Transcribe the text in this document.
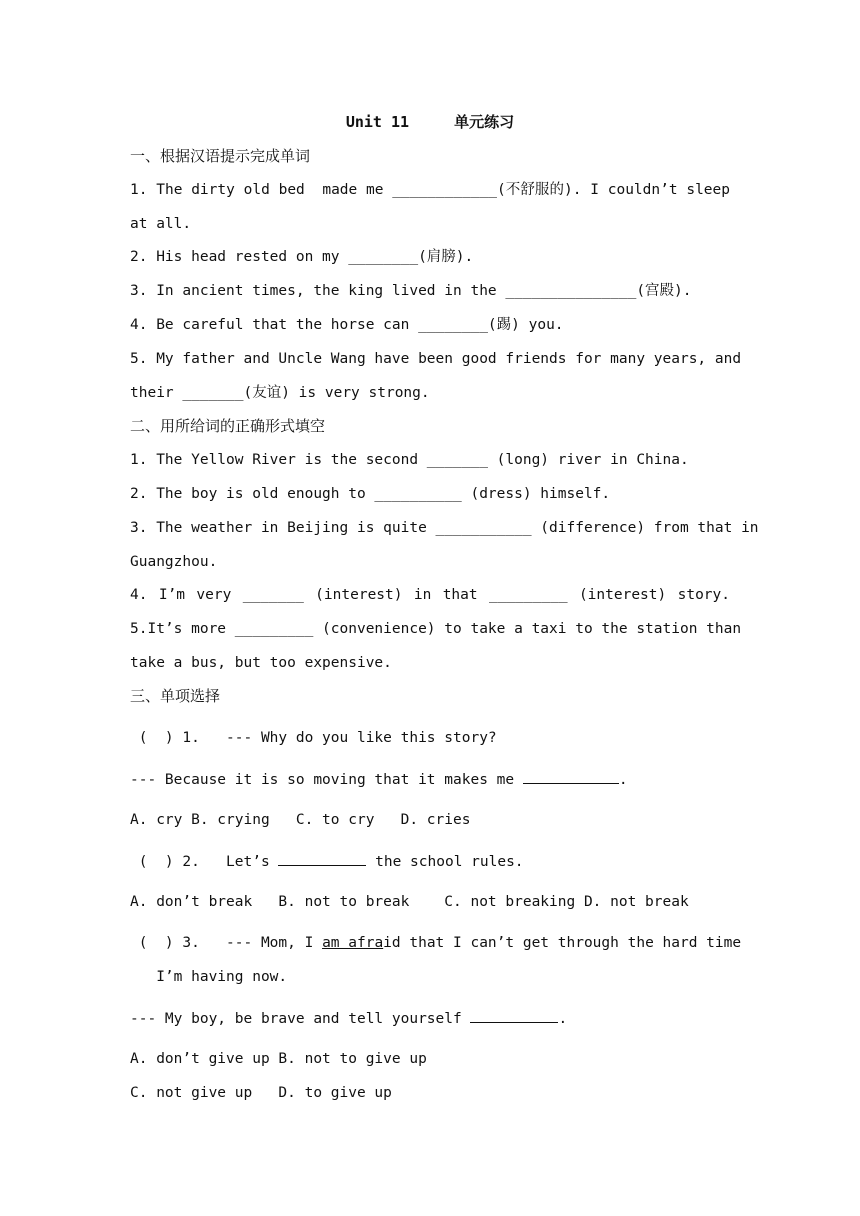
Unit 11     单元练习
一、根据汉语提示完成单词
1. The dirty old bed  made me ____________(不舒服的). I couldn’t sleep
at all.
2. His head rested on my ________(肩膀).
3. In ancient times, the king lived in the _______________(宫殿).
4. Be careful that the horse can ________(踢) you.
5. My father and Uncle Wang have been good friends for many years, and
their _______(友谊) is very strong.
二、用所给词的正确形式填空
1. The Yellow River is the second _______ (long) river in China.
2. The boy is old enough to __________ (dress) himself.
3. The weather in Beijing is quite ___________ (difference) from that in
Guangzhou.
4. I’m very _______ (interest) in that _________ (interest) story.
5.It’s more _________ (convenience) to take a taxi to the station than
take a bus, but too expensive.
三、单项选择
(  ) 1.   --- Why do you like this story?
--- Because it is so moving that it makes me	.
A. cry B. crying   C. to cry   D. cries
(  ) 2.   Let’s	the school rules.
A. don’t break   B. not to break    C. not breaking D. not break
(  ) 3.   --- Mom, I am afraid that I can’t get through the hard time
I’m having now.
--- My boy, be brave and tell yourself	.
A. don’t give up B. not to give up
C. not give up   D. to give up
